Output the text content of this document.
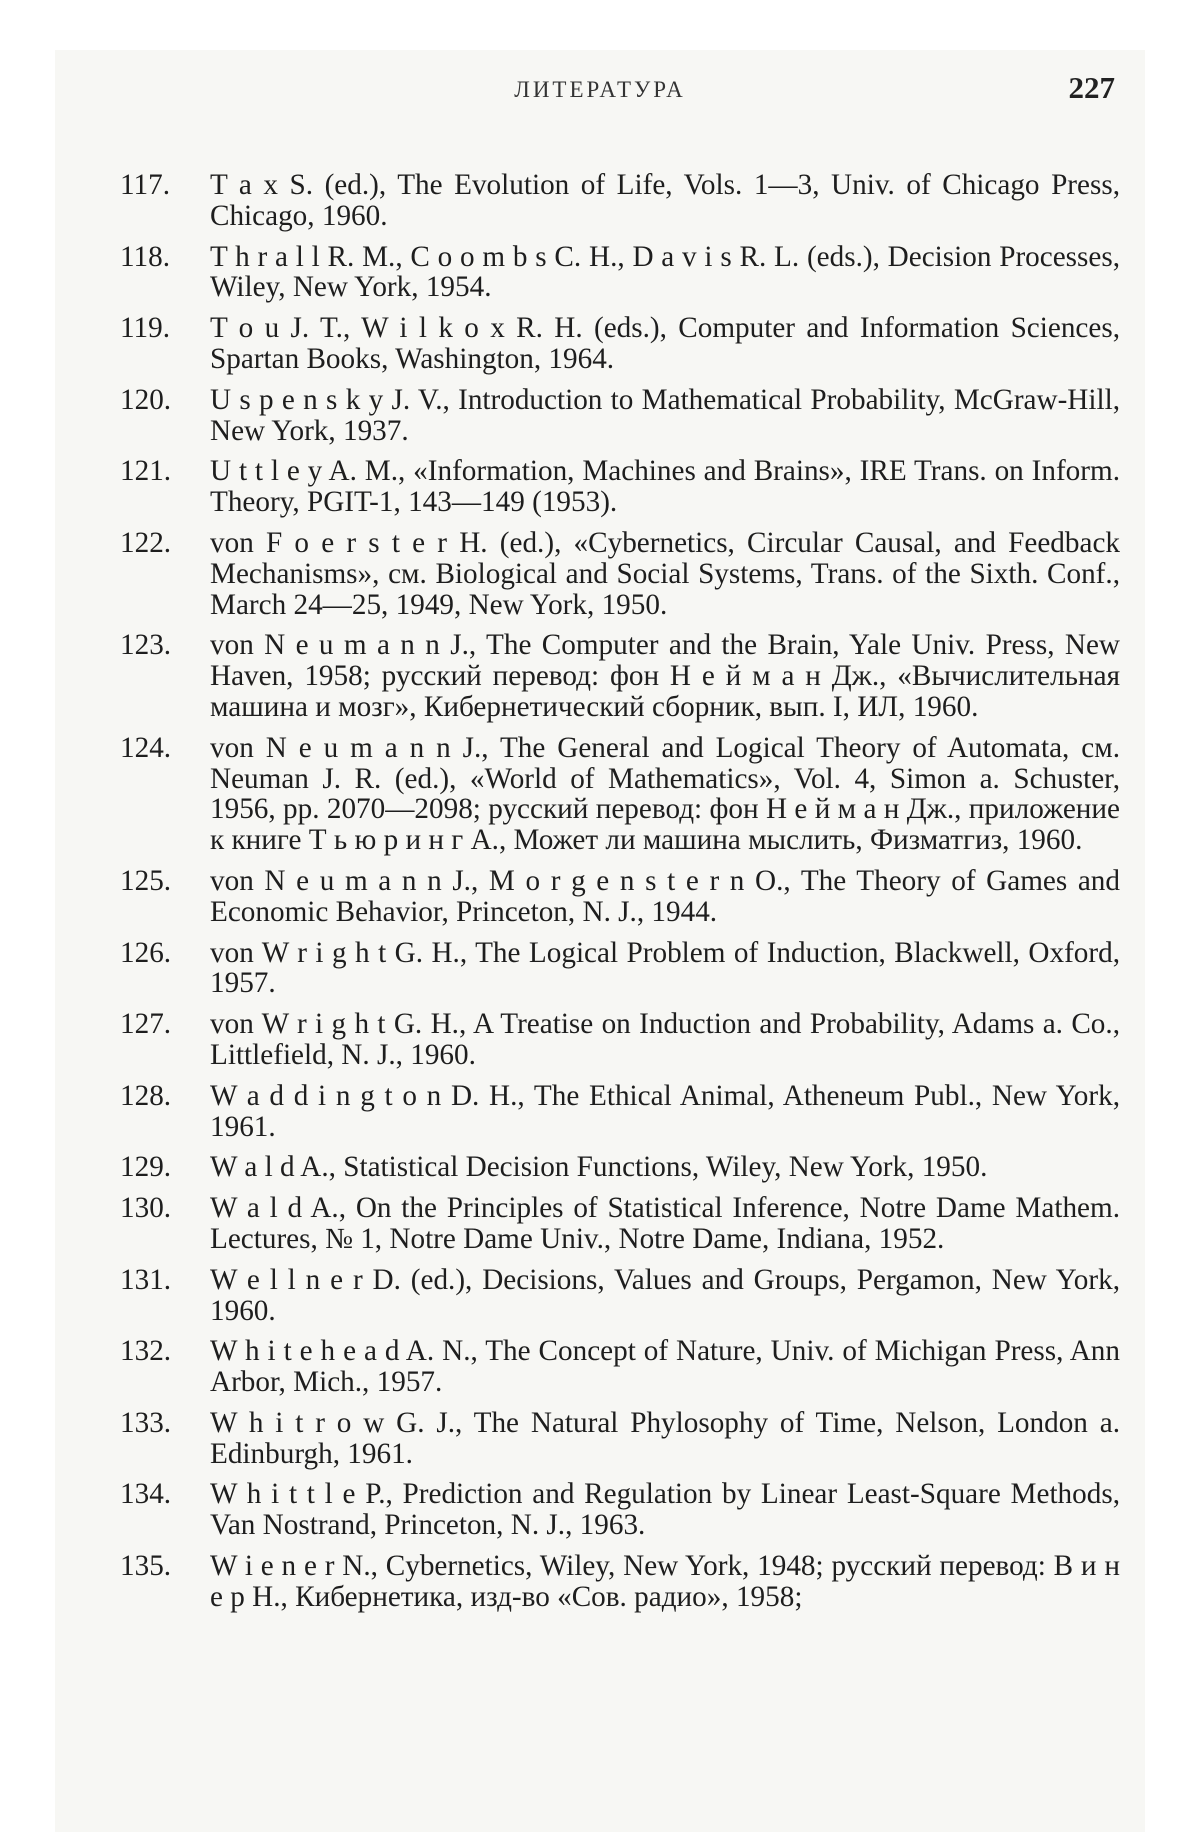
ЛИТЕРАТУРА	227
117.	T a x S. (ed.), The Evolution of Life, Vols. 1—3, Univ. of Chicago Press, Chicago, 1960.
118.	T h r a l l R. M., C o o m b s C. H., D a v i s R. L. (eds.), Decision Processes, Wiley, New York, 1954.
119.	T o u J. T., W i l k o x R. H. (eds.), Computer and Information Sciences, Spartan Books, Washington, 1964.
120.	U s p e n s k y J. V., Introduction to Mathematical Probability, McGraw-Hill, New York, 1937.
121.	U t t l e y A. M., «Information, Machines and Brains», IRE Trans. on Inform. Theory, PGIT-1, 143—149 (1953).
122.	von F o e r s t e r H. (ed.), «Cybernetics, Circular Causal, and Feedback Mechanisms», см. Biological and Social Systems, Trans. of the Sixth. Conf., March 24—25, 1949, New York, 1950.
123.	von N e u m a n n J., The Computer and the Brain, Yale Univ. Press, New Haven, 1958; русский перевод: фон Н е й м а н Дж., «Вычислительная машина и мозг», Кибернетический сборник, вып. I, ИЛ, 1960.
124.	von N e u m a n n J., The General and Logical Theory of Automata, см. Neuman J. R. (ed.), «World of Mathematics», Vol. 4, Simon a. Schuster, 1956, pp. 2070—2098; русский перевод: фон Н е й м а н Дж., приложение к книге Т ь ю р и н г А., Может ли машина мыслить, Физматгиз, 1960.
125.	von N e u m a n n J., M o r g e n s t e r n O., The Theory of Games and Economic Behavior, Princeton, N. J., 1944.
126.	von W r i g h t G. H., The Logical Problem of Induction, Blackwell, Oxford, 1957.
127.	von W r i g h t G. H., A Treatise on Induction and Probability, Adams a. Co., Littlefield, N. J., 1960.
128.	W a d d i n g t o n D. H., The Ethical Animal, Atheneum Publ., New York, 1961.
129.	W a l d A., Statistical Decision Functions, Wiley, New York, 1950.
130.	W a l d A., On the Principles of Statistical Inference, Notre Dame Mathem. Lectures, № 1, Notre Dame Univ., Notre Dame, Indiana, 1952.
131.	W e l l n e r D. (ed.), Decisions, Values and Groups, Pergamon, New York, 1960.
132.	W h i t e h e a d A. N., The Concept of Nature, Univ. of Michigan Press, Ann Arbor, Mich., 1957.
133.	W h i t r o w G. J., The Natural Phylosophy of Time, Nelson, London a. Edinburgh, 1961.
134.	W h i t t l e P., Prediction and Regulation by Linear Least-Square Methods, Van Nostrand, Princeton, N. J., 1963.
135.	W i e n e r N., Cybernetics, Wiley, New York, 1948; русский перевод: В и н е р Н., Кибернетика, изд-во «Сов. радио», 1958;
